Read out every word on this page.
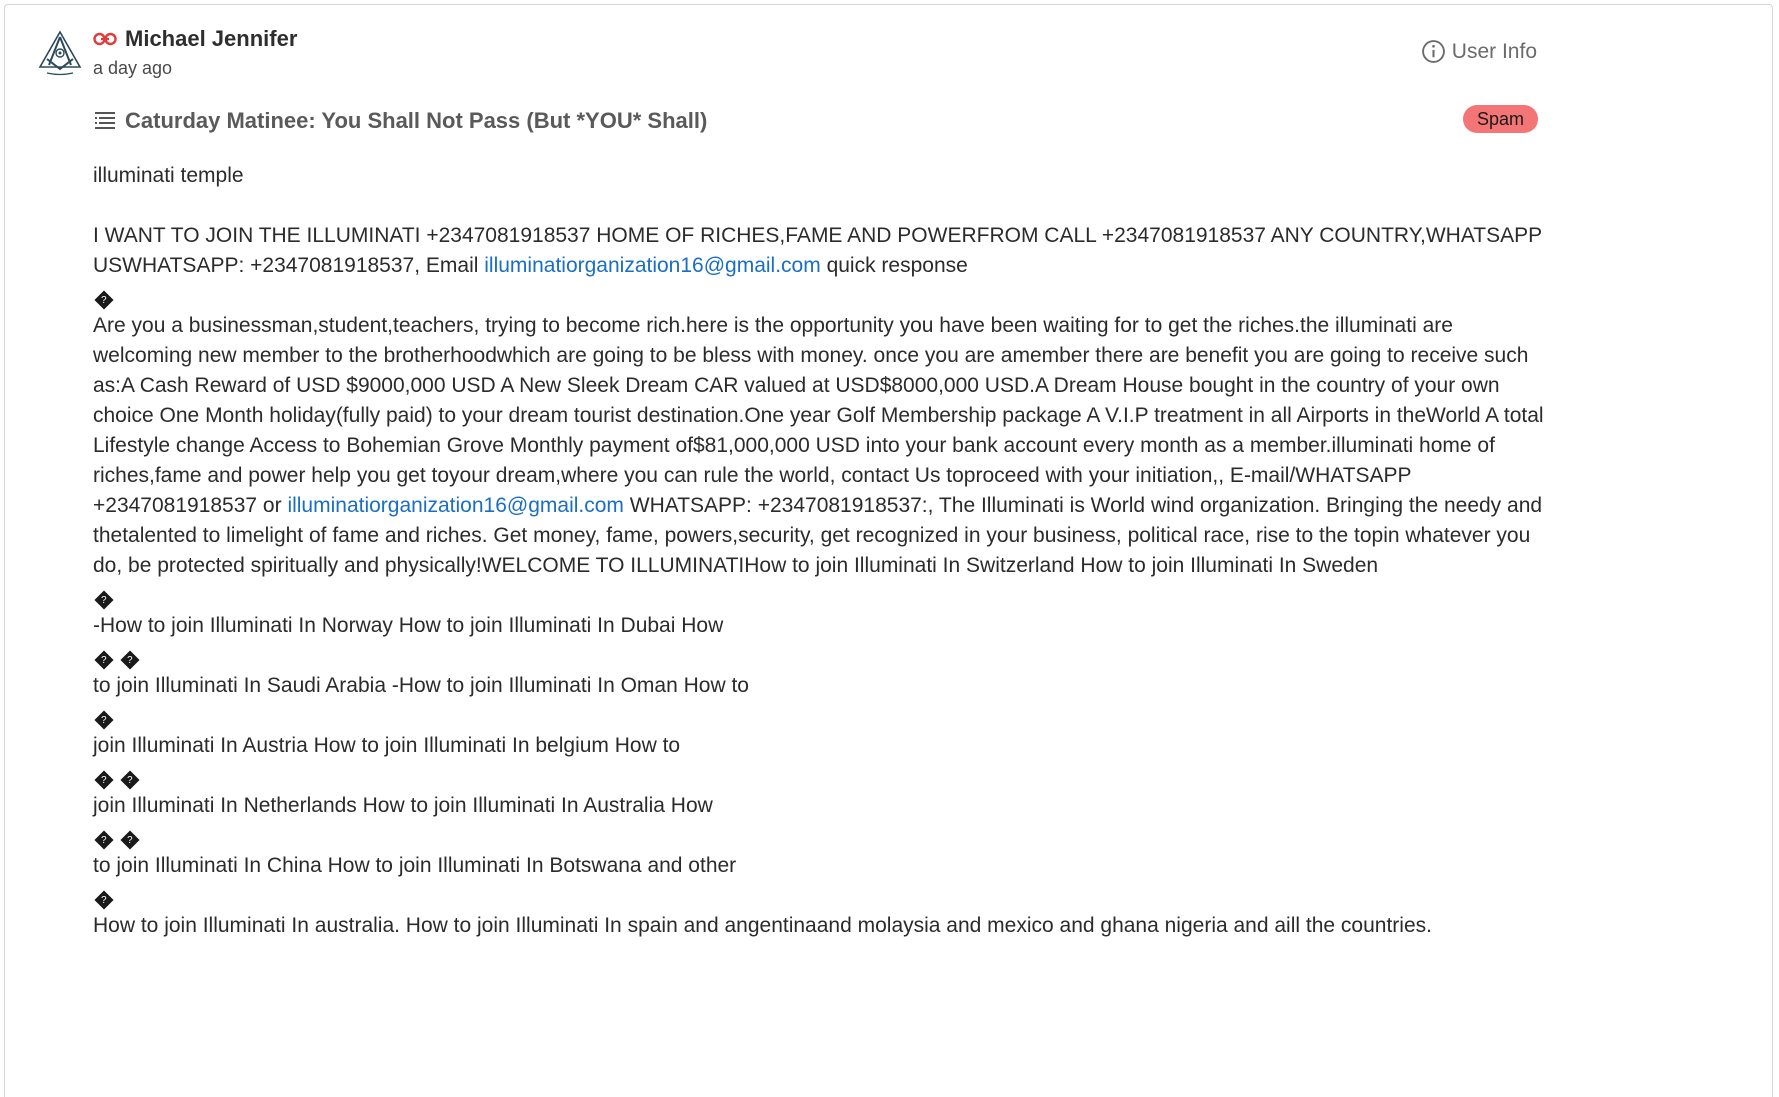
Michael Jennifer
a day ago
User Info
Caturday Matinee: You Shall Not Pass (But *YOU* Shall)	Spam

illuminati temple

I WANT TO JOIN THE ILLUMINATI +2347081918537 HOME OF RICHES,FAME AND POWERFROM CALL +2347081918537 ANY COUNTRY,WHATSAPP USWHATSAPP: +2347081918537, Email illuminatiorganization16@gmail.com quick response

?

Are you a businessman,student,teachers, trying to become rich.here is the opportunity you have been waiting for to get the riches.the illuminati are welcoming new member to the brotherhoodwhich are going to be bless with money. once you are amember there are benefit you are going to receive such as:A Cash Reward of USD $9000,000 USD A New Sleek Dream CAR valued at USD$8000,000 USD.A Dream House bought in the country of your own choice One Month holiday(fully paid) to your dream tourist destination.One year Golf Membership package A V.I.P treatment in all Airports in theWorld A total Lifestyle change Access to Bohemian Grove Monthly payment of$81,000,000 USD into your bank account every month as a member.illuminati home of riches,fame and power help you get toyour dream,where you can rule the world, contact Us toproceed with your initiation,, E-mail/WHATSAPP +2347081918537 or illuminatiorganization16@gmail.com WHATSAPP: +2347081918537:, The Illuminati is World wind organization. Bringing the needy and thetalented to limelight of fame and riches. Get money, fame, powers,security, get recognized in your business, political race, rise to the topin whatever you do, be protected spiritually and physically!WELCOME TO ILLUMINATIHow to join Illuminati In Switzerland How to join Illuminati In Sweden

?

-How to join Illuminati In Norway How to join Illuminati In Dubai How

? ?

to join Illuminati In Saudi Arabia -How to join Illuminati In Oman How to

?

join Illuminati In Austria How to join Illuminati In belgium How to

? ?

join Illuminati In Netherlands How to join Illuminati In Australia How

? ?

to join Illuminati In China How to join Illuminati In Botswana and other

?

How to join Illuminati In australia. How to join Illuminati In spain and angentinaand molaysia and mexico and ghana nigeria and aill the countries.
